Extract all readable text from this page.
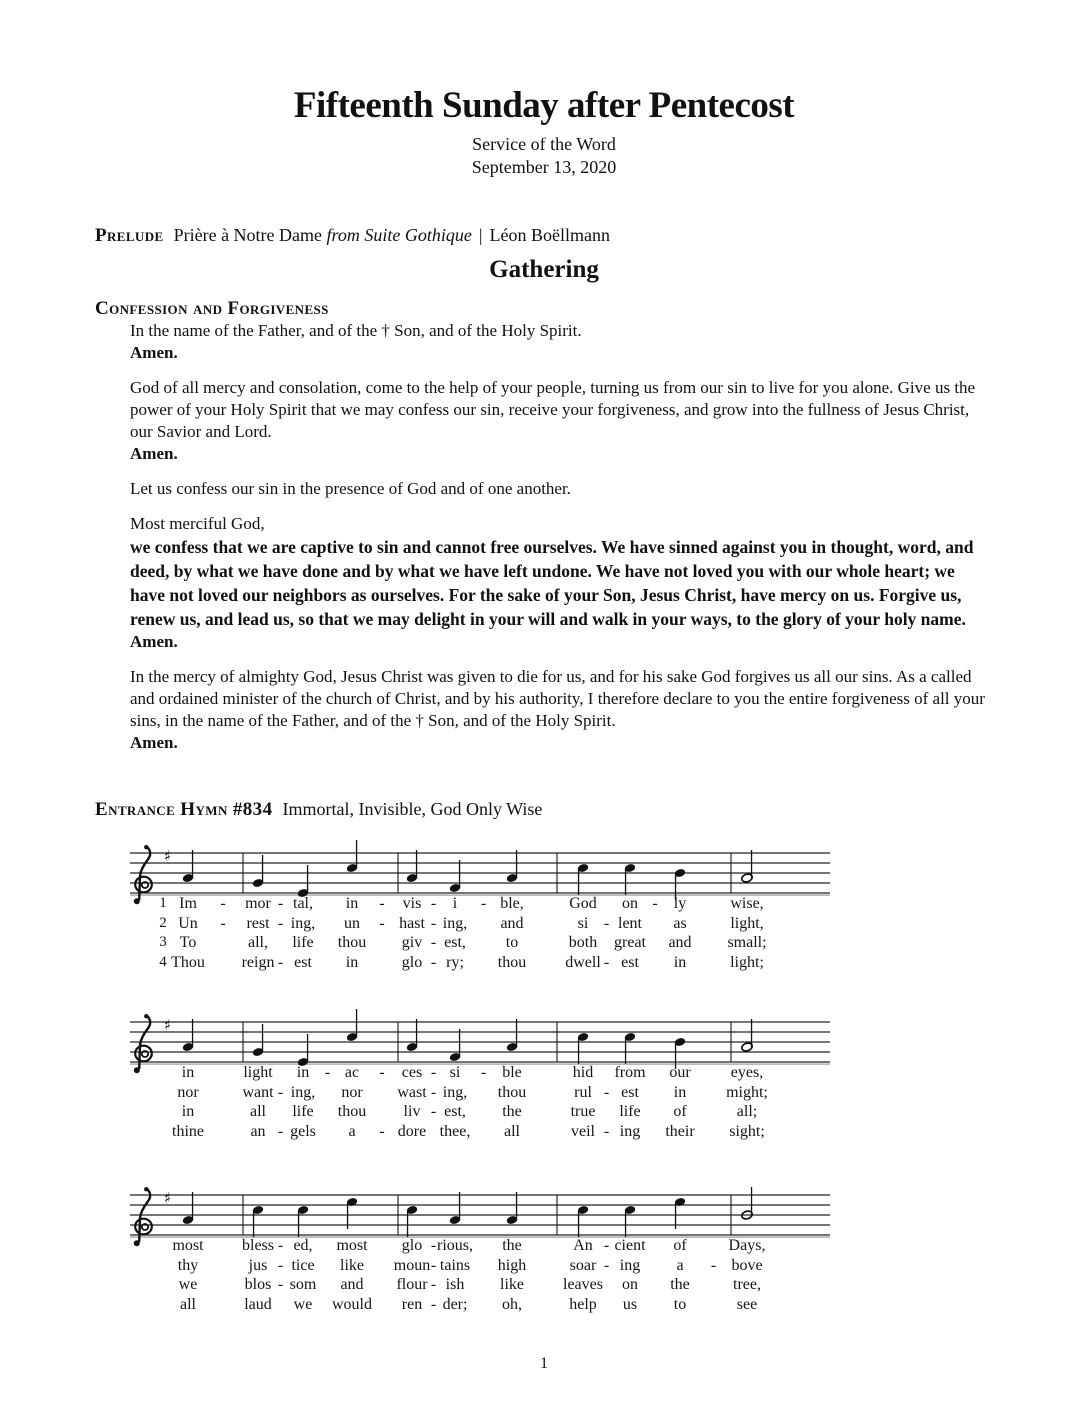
Fifteenth Sunday after Pentecost
Service of the Word
September 13, 2020
Prelude Prière à Notre Dame from Suite Gothique | Léon Boëllmann
Gathering
Confession and Forgiveness

In the name of the Father, and of the † Son, and of the Holy Spirit.

Amen.

God of all mercy and consolation, come to the help of your people, turning us from our sin to live for you alone. Give us the power of your Holy Spirit that we may confess our sin, receive your forgiveness, and grow into the fullness of Jesus Christ, our Savior and Lord.

Amen.

Let us confess our sin in the presence of God and of one another.

Most merciful God,

we confess that we are captive to sin and cannot free ourselves. We have sinned against you in thought, word, and deed, by what we have done and by what we have left undone. We have not loved you with our whole heart; we have not loved our neighbors as ourselves. For the sake of your Son, Jesus Christ, have mercy on us. Forgive us, renew us, and lead us, so that we may delight in your will and walk in your ways, to the glory of your holy name.

Amen.

In the mercy of almighty God, Jesus Christ was given to die for us, and for his sake God forgives us all our sins. As a called and ordained minister of the church of Christ, and by his authority, I therefore declare to you the entire forgiveness of all your sins, in the name of the Father, and of the † Son, and of the Holy Spirit.

Amen.

Entrance Hymn #834 Immortal, Invisible, God Only Wise
♯
1 Im	mor tal, in	vis i	ble,	God on ly	wise,
-	-	-	-	-	-
2 Un	rest ing, un hast ing, and	si lent as	light,
-	-	-	-	-
3 To	all, life thou giv est, to	both great and small;
-
4 Thou reign est in	glo ry; thou dwell est in	light;
-	-	-
♯
in	light in ac	ces si	ble	hid from our	eyes,
-	-	-	-
nor	want ing, nor wast ing, thou	rul est in might;
-	-	-
in	all life thou liv est, the	true life of	all;
-
thine	an gels a	dore thee, all	veil ing their sight;
-	-	-
♯
most bless ed, most glo rious, the	An cient of	Days,
-	-	-
thy	jus tice like moun tains high	soar ing a	bove
-	-	-	-
we	blos som and flour ish like leaves on the	tree,
-	-
all	laud we would ren der; oh,	help us to	see
-
1
